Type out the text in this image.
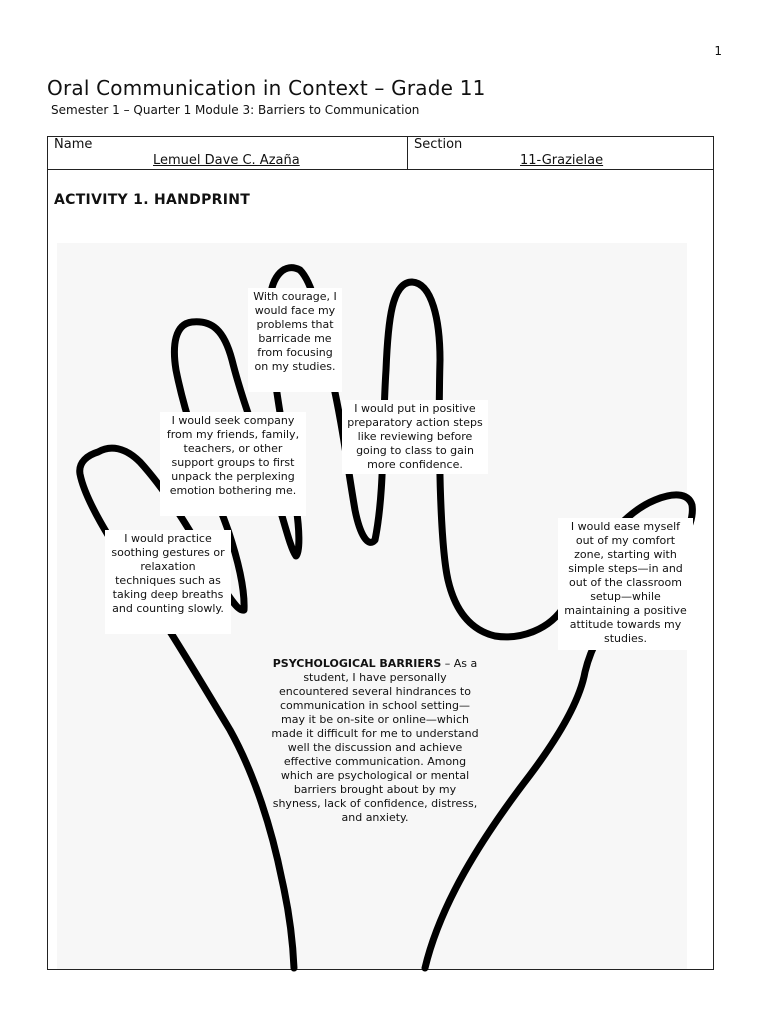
1
Oral Communication in Context – Grade 11
Semester 1 – Quarter 1 Module 3: Barriers to Communication
Name
Lemuel Dave C. Azaña
Section
11-Grazielae
ACTIVITY 1. HANDPRINT
With courage, I would face my problems that barricade me from focusing on my studies.
I would put in positive preparatory action steps like reviewing before going to class to gain more confidence.
I would seek company from my friends, family, teachers, or other support groups to first unpack the perplexing emotion bothering me.
I would practice soothing gestures or relaxation techniques such as taking deep breaths and counting slowly.
I would ease myself out of my comfort zone, starting with simple steps—in and out of the classroom setup—while maintaining a positive attitude towards my studies.
PSYCHOLOGICAL BARRIERS – As a student, I have personally encountered several hindrances to communication in school setting—may it be on-site or online—which made it difficult for me to understand well the discussion and achieve effective communication. Among which are psychological or mental barriers brought about by my shyness, lack of confidence, distress, and anxiety.
